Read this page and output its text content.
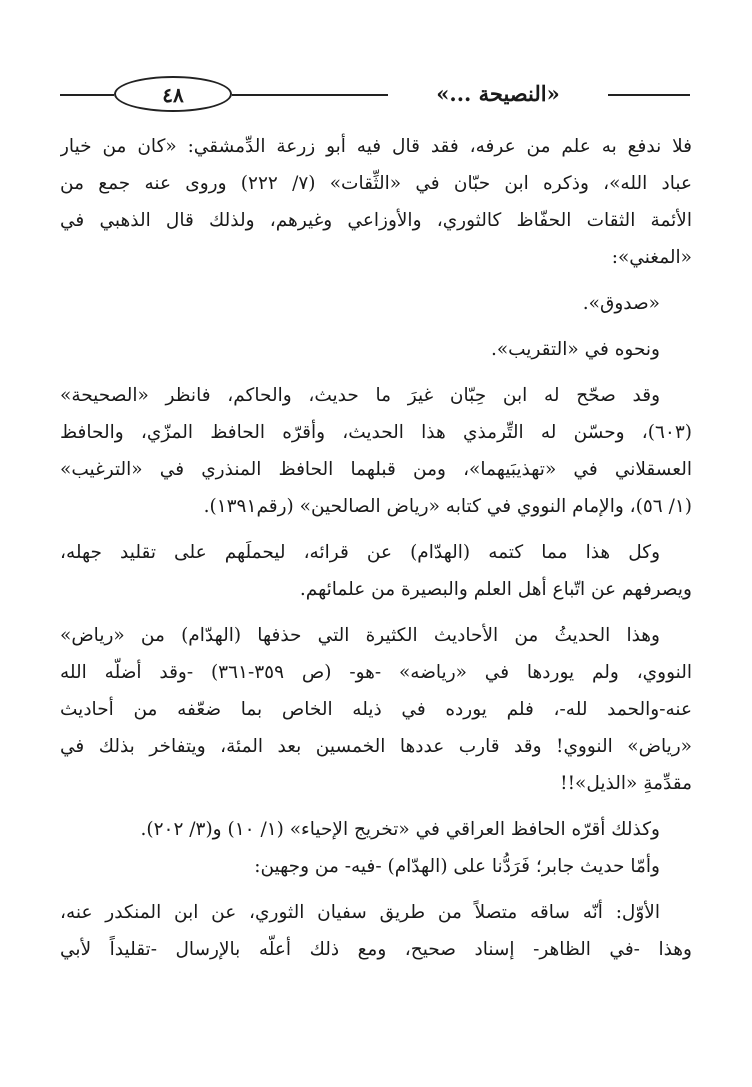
٤٨	«النصيحة ...»
فلا ندفع به علم من عرفه، فقد قال فيه أبو زرعة الدِّمشقي: «كان من خيار
عباد الله»، وذكره ابن حبّان في «الثِّقات» (٧/ ٢٢٢) وروى عنه جمع من
الأئمة الثقات الحفّاظ كالثوري، والأوزاعي وغيرهم، ولذلك قال الذهبي في
«المغني»:
«صدوق».
ونحوه في «التقريب».
وقد صحّح له ابن حِبّان غيرَ ما حديث، والحاكم، فانظر «الصحيحة»
(٦٠٣)، وحسّن له التِّرمذي هذا الحديث، وأقرّه الحافظ المزّي، والحافظ
العسقلاني في «تهذيبَيهما»، ومن قبلهما الحافظ المنذري في «الترغيب»
(١/ ٥٦)، والإمام النووي في كتابه «رياض الصالحين» (رقم١٣٩١).
وكل هذا مما كتمه (الهدّام) عن قرائه، ليحملَهم على تقليد جهله،
ويصرفهم عن اتّباع أهل العلم والبصيرة من علمائهم.
وهذا الحديثُ من الأحاديث الكثيرة التي حذفها (الهدّام) من «رياض»
النووي، ولم يوردها في «رياضه» -هو- (ص ٣٥٩-٣٦١) -وقد أضلّه الله
عنه-والحمد لله-، فلم يورده في ذيله الخاص بما ضعّفه من أحاديث
«رياض» النووي! وقد قارب عددها الخمسين بعد المئة، ويتفاخر بذلك في
مقدِّمةِ «الذيل»!!
وكذلك أقرّه الحافظ العراقي في «تخريج الإحياء» (١/ ١٠) و(٣/ ٢٠٢).
وأمّا حديث جابر؛ فَرَدُّنا على (الهدّام) -فيه- من وجهين:
الأوّل: أنّه ساقه متصلاً من طريق سفيان الثوري، عن ابن المنكدر عنه،
وهذا -في الظاهر- إسناد صحيح، ومع ذلك أعلّه بالإرسال -تقليداً لأبي
